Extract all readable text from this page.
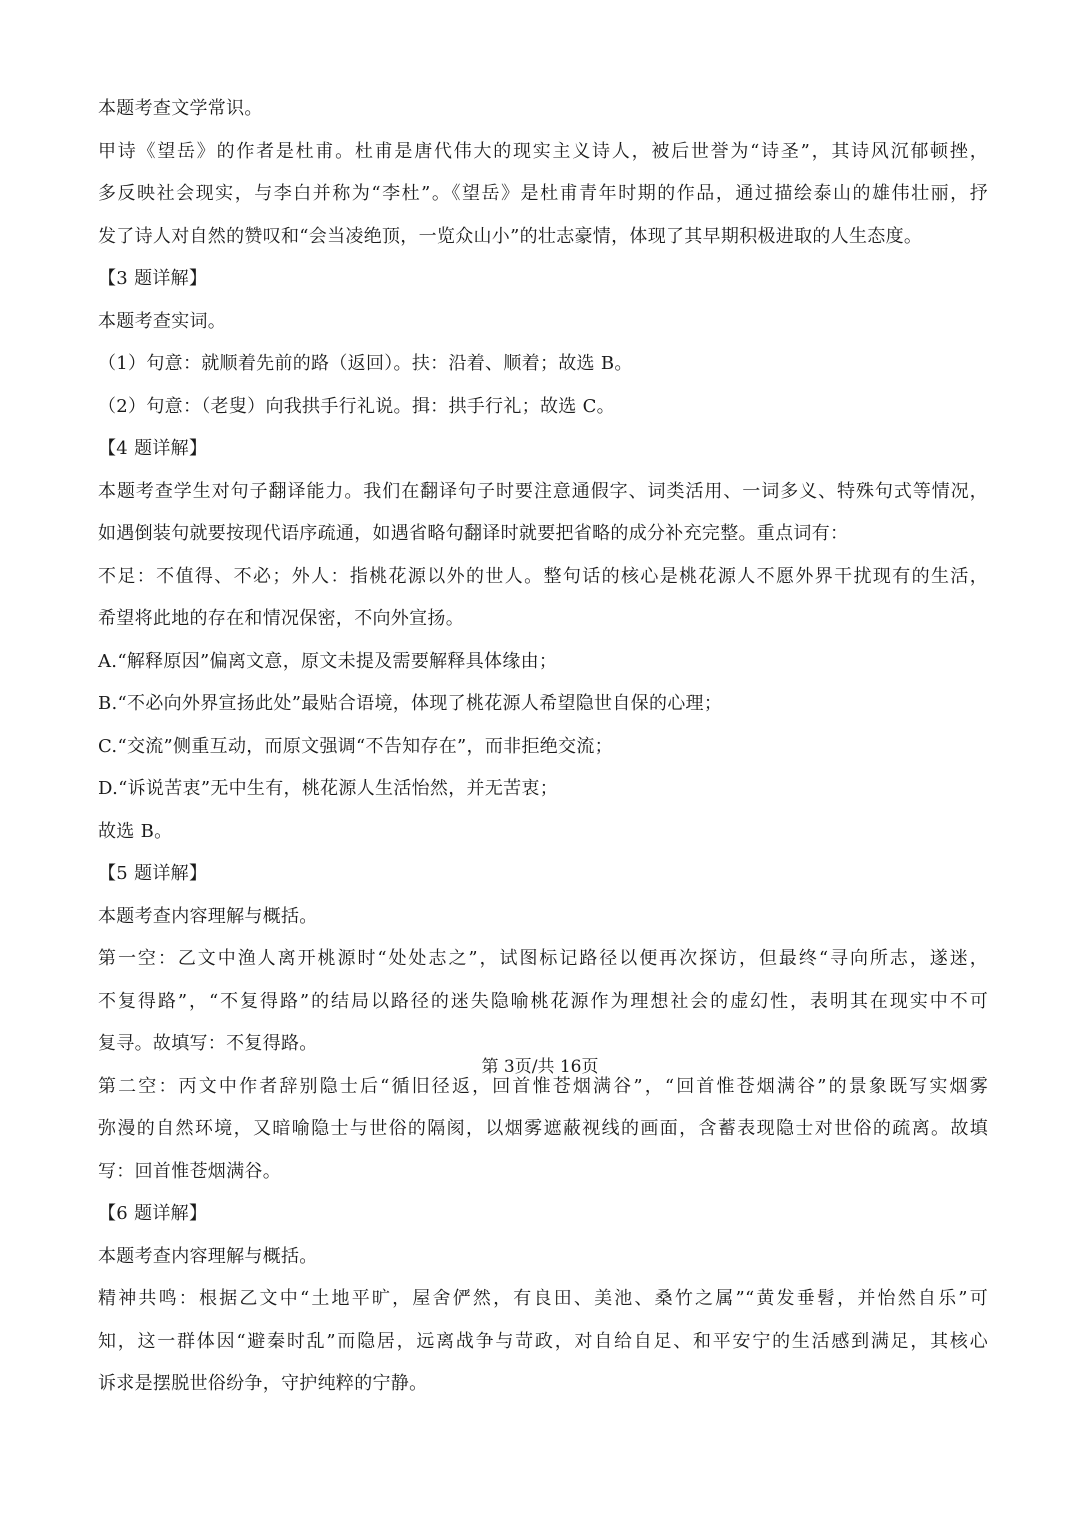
本题考查文学常识。
甲诗《望岳》的作者是杜甫。杜甫是唐代伟大的现实主义诗人，被后世誉为“诗圣”，其诗风沉郁顿挫，
多反映社会现实，与李白并称为“李杜”。《望岳》是杜甫青年时期的作品，通过描绘泰山的雄伟壮丽，抒
发了诗人对自然的赞叹和“会当凌绝顶，一览众山小”的壮志豪情，体现了其早期积极进取的人生态度。
【3 题详解】
本题考查实词。
（1）句意：就顺着先前的路（返回）。扶：沿着、顺着；故选 B。
（2）句意：（老叟）向我拱手行礼说。揖：拱手行礼；故选 C。
【4 题详解】
本题考查学生对句子翻译能力。我们在翻译句子时要注意通假字、词类活用、一词多义、特殊句式等情况，
如遇倒装句就要按现代语序疏通，如遇省略句翻译时就要把省略的成分补充完整。重点词有：
不足：不值得、不必；外人：指桃花源以外的世人。整句话的核心是桃花源人不愿外界干扰现有的生活，
希望将此地的存在和情况保密，不向外宣扬。
A.“解释原因”偏离文意，原文未提及需要解释具体缘由；
B.“不必向外界宣扬此处”最贴合语境，体现了桃花源人希望隐世自保的心理；
C.“交流”侧重互动，而原文强调“不告知存在”，而非拒绝交流；
D.“诉说苦衷”无中生有，桃花源人生活怡然，并无苦衷；
故选 B。
【5 题详解】
本题考查内容理解与概括。
第一空：乙文中渔人离开桃源时“处处志之”，试图标记路径以便再次探访，但最终“寻向所志，遂迷，
不复得路”，“不复得路”的结局以路径的迷失隐喻桃花源作为理想社会的虚幻性，表明其在现实中不可
复寻。故填写：不复得路。
第二空：丙文中作者辞别隐士后“循旧径返，回首惟苍烟满谷”，“回首惟苍烟满谷”的景象既写实烟雾
弥漫的自然环境，又暗喻隐士与世俗的隔阂，以烟雾遮蔽视线的画面，含蓄表现隐士对世俗的疏离。故填
写：回首惟苍烟满谷。
【6 题详解】
本题考查内容理解与概括。
精神共鸣：根据乙文中“土地平旷，屋舍俨然，有良田、美池、桑竹之属”“黄发垂髫，并怡然自乐”可
知，这一群体因“避秦时乱”而隐居，远离战争与苛政，对自给自足、和平安宁的生活感到满足，其核心
诉求是摆脱世俗纷争，守护纯粹的宁静。
第 3页/共 16页
